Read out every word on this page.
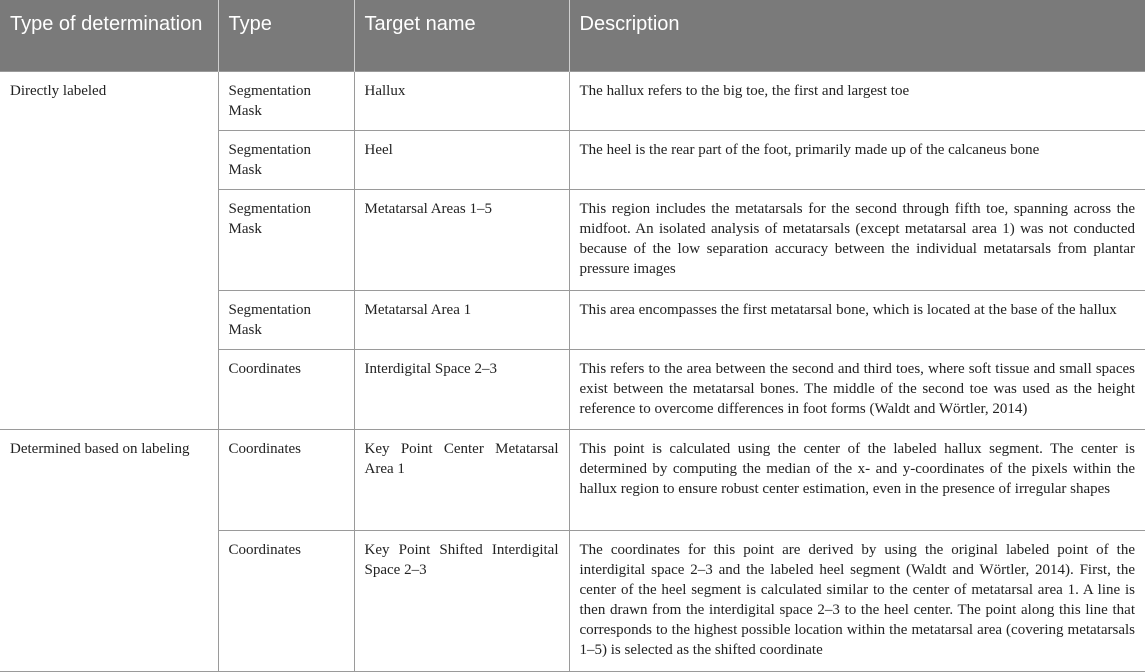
Type of determination	Type	Target name	Description
Directly labeled	Segmentation Mask	Hallux	The hallux refers to the big toe, the first and largest toe
	Segmentation Mask	Heel	The heel is the rear part of the foot, primarily made up of the calcaneus bone
	Segmentation Mask	Metatarsal Areas 1–5	This region includes the metatarsals for the second through fifth toe, spanning across the midfoot. An isolated analysis of metatarsals (except metatarsal area 1) was not conducted because of the low separation accuracy between the individual metatarsals from plantar pressure images
	Segmentation Mask	Metatarsal Area 1	This area encompasses the first metatarsal bone, which is located at the base of the hallux
	Coordinates	Interdigital Space 2–3	This refers to the area between the second and third toes, where soft tissue and small spaces exist between the metatarsal bones. The middle of the second toe was used as the height reference to overcome differences in foot forms (Waldt and Wörtler, 2014)
Determined based on labeling	Coordinates	Key Point Center Metatarsal Area 1	This point is calculated using the center of the labeled hallux segment. The center is determined by computing the median of the x- and y-coordinates of the pixels within the hallux region to ensure robust center estimation, even in the presence of irregular shapes
	Coordinates	Key Point Shifted Interdigital Space 2–3	The coordinates for this point are derived by using the original labeled point of the interdigital space 2–3 and the labeled heel segment (Waldt and Wörtler, 2014). First, the center of the heel segment is calculated similar to the center of metatarsal area 1. A line is then drawn from the interdigital space 2–3 to the heel center. The point along this line that corresponds to the highest possible location within the metatarsal area (covering metatarsals 1–5) is selected as the shifted coordinate
